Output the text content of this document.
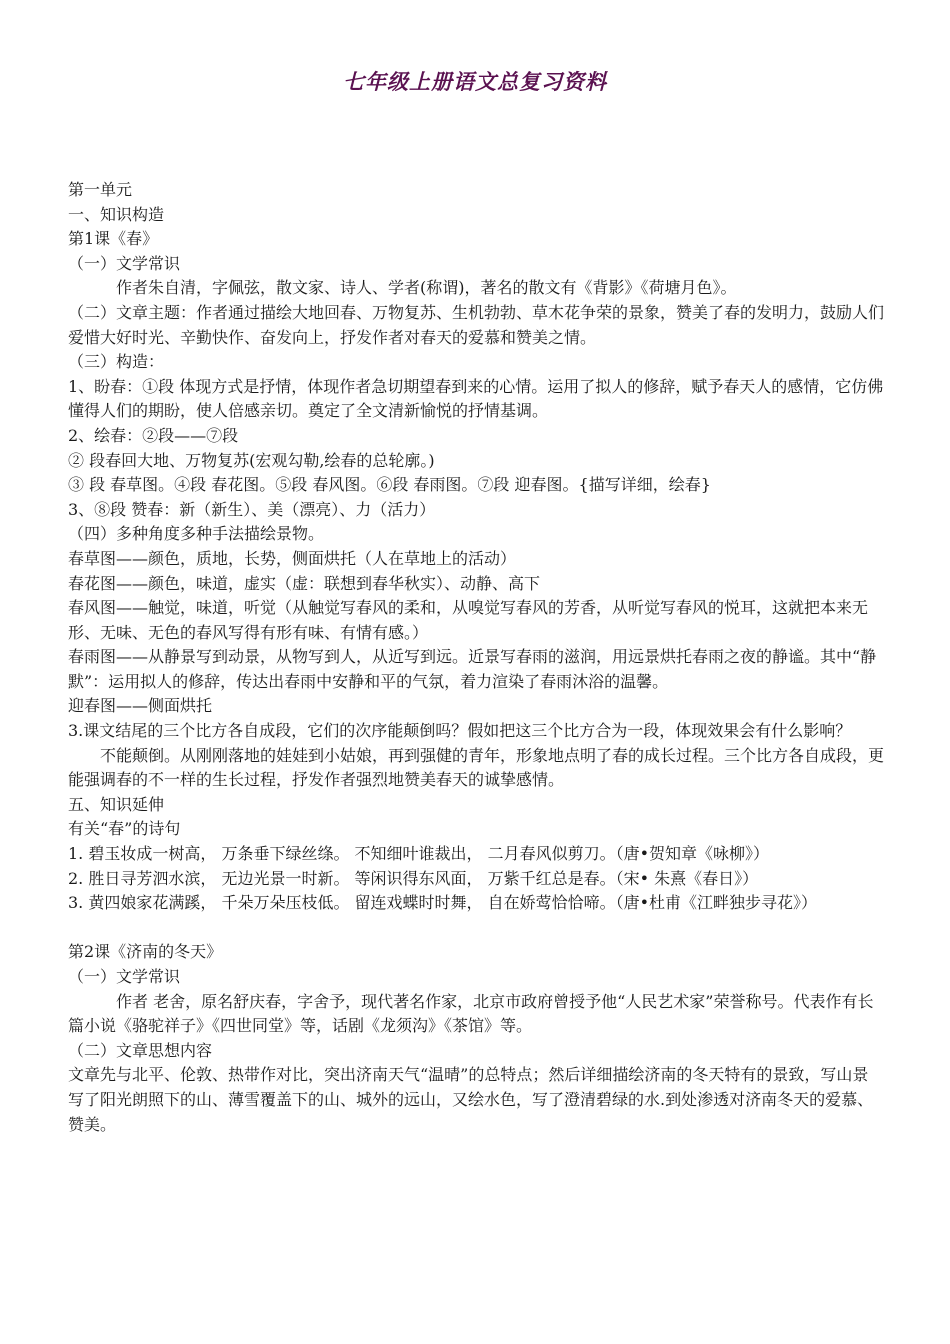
七年级上册语文总复习资料

第一单元

一、知识构造

第1课《春》

（一）文学常识

作者朱自清，字佩弦，散文家、诗人、学者(称谓)，著名的散文有《背影》《荷塘月色》。

（二）文章主题：作者通过描绘大地回春、万物复苏、生机勃勃、草木花争荣的景象，赞美了春的发明力，鼓励人们爱惜大好时光、辛勤快作、奋发向上，抒发作者对春天的爱慕和赞美之情。

（三）构造：

1、盼春：①段 体现方式是抒情，体现作者急切期望春到来的心情。运用了拟人的修辞，赋予春天人的感情，它仿佛懂得人们的期盼，使人倍感亲切。奠定了全文清新愉悦的抒情基调。

2、绘春：②段——⑦段

② 段春回大地、万物复苏(宏观勾勒,绘春的总轮廓。)

③ 段 春草图。④段 春花图。⑤段 春风图。⑥段 春雨图。⑦段 迎春图。{描写详细，绘春}

3、⑧段 赞春：新（新生）、美（漂亮）、力（活力）

（四）多种角度多种手法描绘景物。

春草图——颜色，质地，长势，侧面烘托（人在草地上的活动）

春花图——颜色，味道，虚实（虚：联想到春华秋实）、动静、高下

春风图——触觉，味道，听觉（从触觉写春风的柔和，从嗅觉写春风的芳香，从听觉写春风的悦耳，这就把本来无形、无味、无色的春风写得有形有味、有情有感。）

春雨图——从静景写到动景，从物写到人，从近写到远。近景写春雨的滋润，用远景烘托春雨之夜的静谧。其中“静默”：运用拟人的修辞，传达出春雨中安静和平的气氛，着力渲染了春雨沐浴的温馨。

迎春图——侧面烘托

3.课文结尾的三个比方各自成段，它们的次序能颠倒吗？假如把这三个比方合为一段，体现效果会有什么影响？

不能颠倒。从刚刚落地的娃娃到小姑娘，再到强健的青年，形象地点明了春的成长过程。三个比方各自成段，更能强调春的不一样的生长过程，抒发作者强烈地赞美春天的诚挚感情。

五、知识延伸

有关“春”的诗句

1. 碧玉妆成一树高， 万条垂下绿丝绦。 不知细叶谁裁出， 二月春风似剪刀。（唐•贺知章《咏柳》）

2. 胜日寻芳泗水滨， 无边光景一时新。 等闲识得东风面， 万紫千红总是春。（宋• 朱熹《春日》）

3. 黄四娘家花满蹊， 千朵万朵压枝低。 留连戏蝶时时舞， 自在娇莺恰恰啼。（唐•杜甫《江畔独步寻花》）

第2课《济南的冬天》

（一）文学常识

作者 老舍，原名舒庆春，字舍予，现代著名作家，北京市政府曾授予他“人民艺术家”荣誉称号。代表作有长篇小说《骆驼祥子》《四世同堂》等，话剧《龙须沟》《茶馆》等。

（二）文章思想内容

文章先与北平、伦敦、热带作对比，突出济南天气“温晴”的总特点；然后详细描绘济南的冬天特有的景致，写山景写了阳光朗照下的山、薄雪覆盖下的山、城外的远山，又绘水色，写了澄清碧绿的水.到处渗透对济南冬天的爱慕、赞美。
